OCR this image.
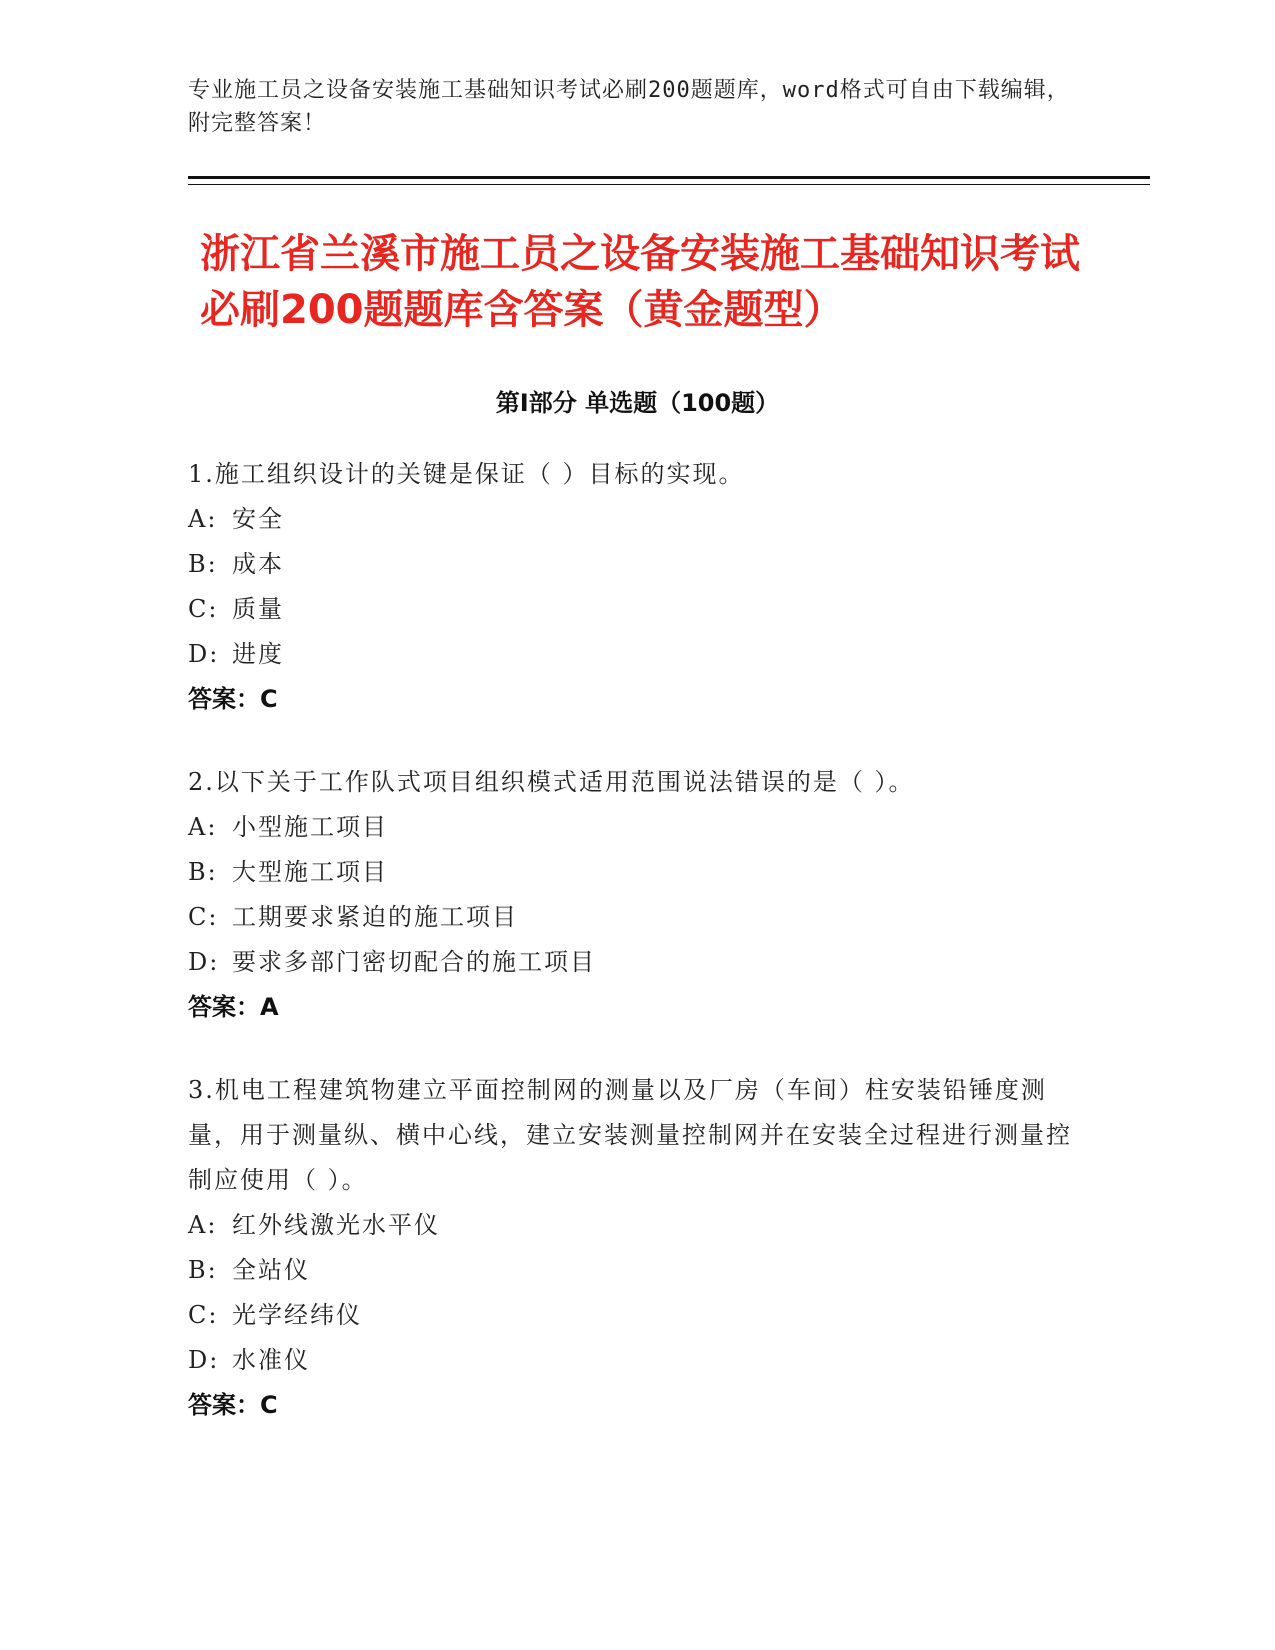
专业施工员之设备安装施工基础知识考试必刷200题题库，word格式可自由下载编辑，附完整答案！
浙江省兰溪市施工员之设备安装施工基础知识考试必刷200题题库含答案（黄金题型）
第Ⅰ部分 单选题（100题）
1.施工组织设计的关键是保证（ ）目标的实现。
A: 安全
B: 成本
C: 质量
D: 进度
答案：C
2.以下关于工作队式项目组织模式适用范围说法错误的是（ ）。
A: 小型施工项目
B: 大型施工项目
C: 工期要求紧迫的施工项目
D: 要求多部门密切配合的施工项目
答案：A
3.机电工程建筑物建立平面控制网的测量以及厂房（车间）柱安装铅锤度测量，用于测量纵、横中心线，建立安装测量控制网并在安装全过程进行测量控制应使用（ ）。
A: 红外线激光水平仪
B: 全站仪
C: 光学经纬仪
D: 水准仪
答案：C
